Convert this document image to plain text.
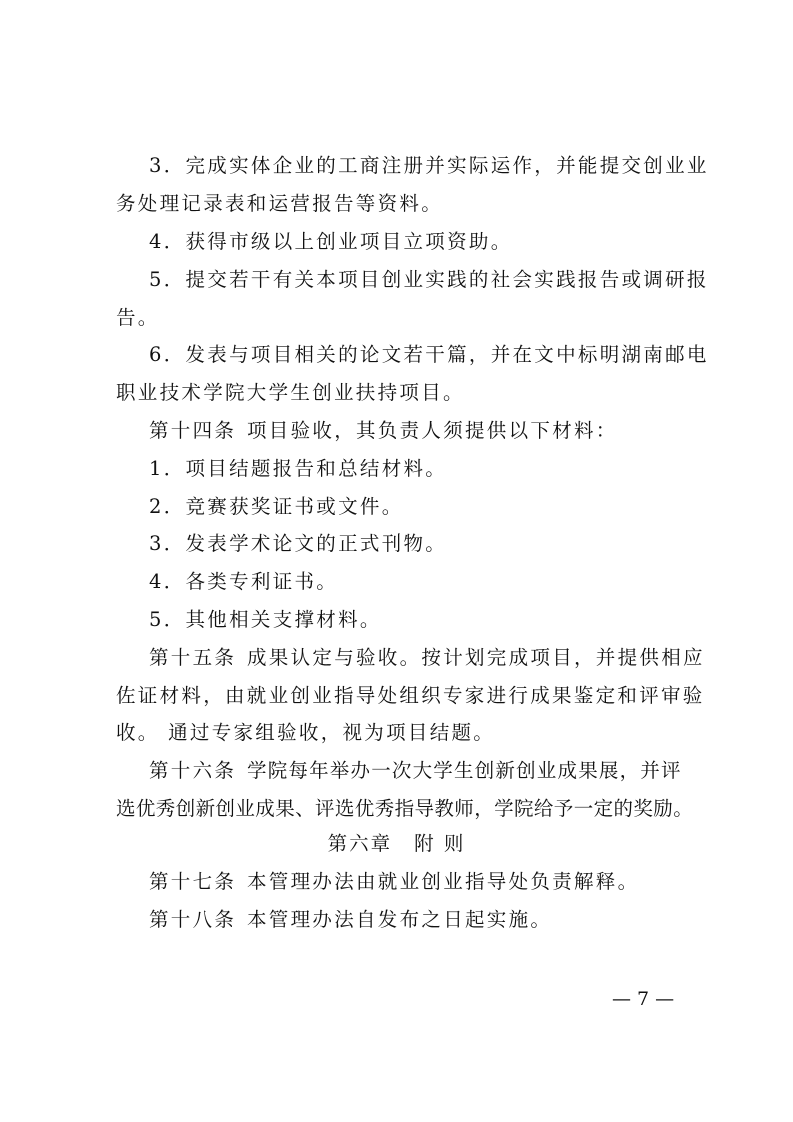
3．完成实体企业的工商注册并实际运作，并能提交创业业
务处理记录表和运营报告等资料。
4．获得市级以上创业项目立项资助。
5．提交若干有关本项目创业实践的社会实践报告或调研报
告。
6．发表与项目相关的论文若干篇，并在文中标明湖南邮电
职业技术学院大学生创业扶持项目。
第十四条 项目验收，其负责人须提供以下材料：
1．项目结题报告和总结材料。
2．竞赛获奖证书或文件。
3．发表学术论文的正式刊物。
4．各类专利证书。
5．其他相关支撑材料。
第十五条 成果认定与验收。按计划完成项目，并提供相应
佐证材料，由就业创业指导处组织专家进行成果鉴定和评审验
收。 通过专家组验收，视为项目结题。
第十六条 学院每年举办一次大学生创新创业成果展，并评
选优秀创新创业成果、评选优秀指导教师，学院给予一定的奖励。
第六章 附 则
第十七条 本管理办法由就业创业指导处负责解释。
第十八条 本管理办法自发布之日起实施。
— 7 —
